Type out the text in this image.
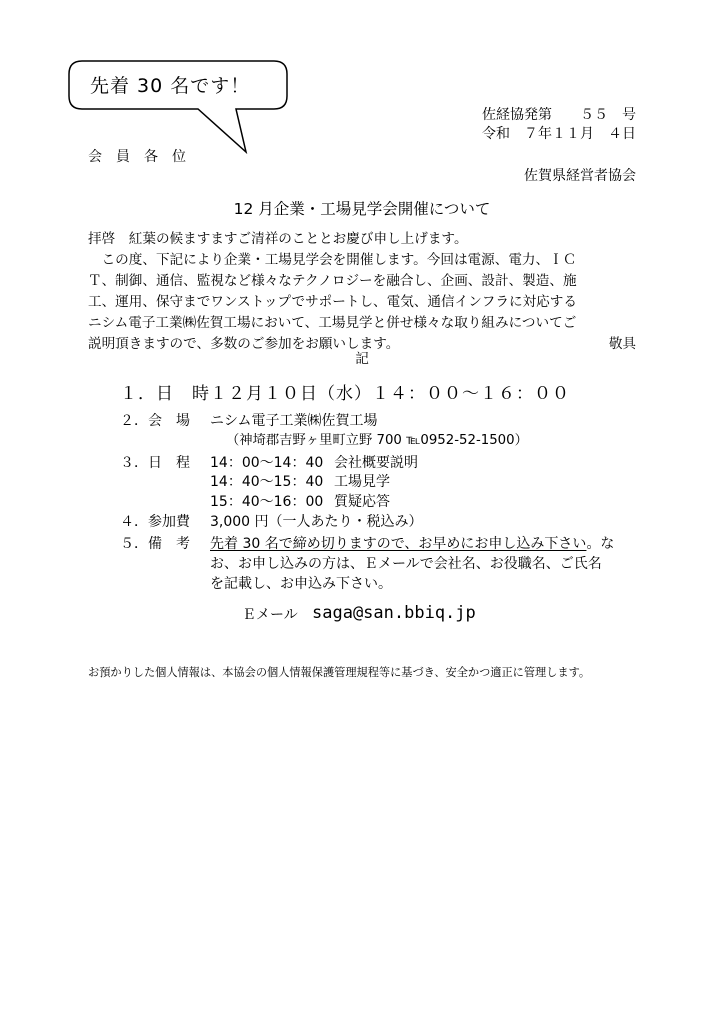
先着 30 名です！
佐経協発第　　５５　号
令和　７年１１月　４日
会　員　各　位
佐賀県経営者協会
12 月企業・工場見学会開催について
拝啓　紅葉の候ますますご清祥のこととお慶び申し上げます。
　この度、下記により企業・工場見学会を開催します。今回は電源、電力、ＩＣ
Ｔ、制御、通信、監視など様々なテクノロジーを融合し、企画、設計、製造、施
工、運用、保守までワンストップでサポートし、電気、通信インフラに対応する
ニシム電子工業㈱佐賀工場において、工場見学と併せ様々な取り組みについてご
説明頂きますので、多数のご参加をお願いします。	敬具
記
１．日　時 １２月１０日（水）１４：００～１６：００
２．会　場 ニシム電子工業㈱佐賀工場
（神埼郡吉野ヶ里町立野 700 ℡0952-52-1500）
３．日　程 14：00～14：40 会社概要説明
14：40～15：40 工場見学
15：40～16：00 質疑応答
４．参加費 3,000 円（一人あたり・税込み）
５．備　考 先着 30 名で締め切りますので、お早めにお申し込み下さい。な
お、お申し込みの方は、Ｅメールで会社名、お役職名、ご氏名
を記載し、お申込み下さい。
Ｅメール saga@san.bbiq.jp
お預かりした個人情報は、本協会の個人情報保護管理規程等に基づき、安全かつ適正に管理します。
